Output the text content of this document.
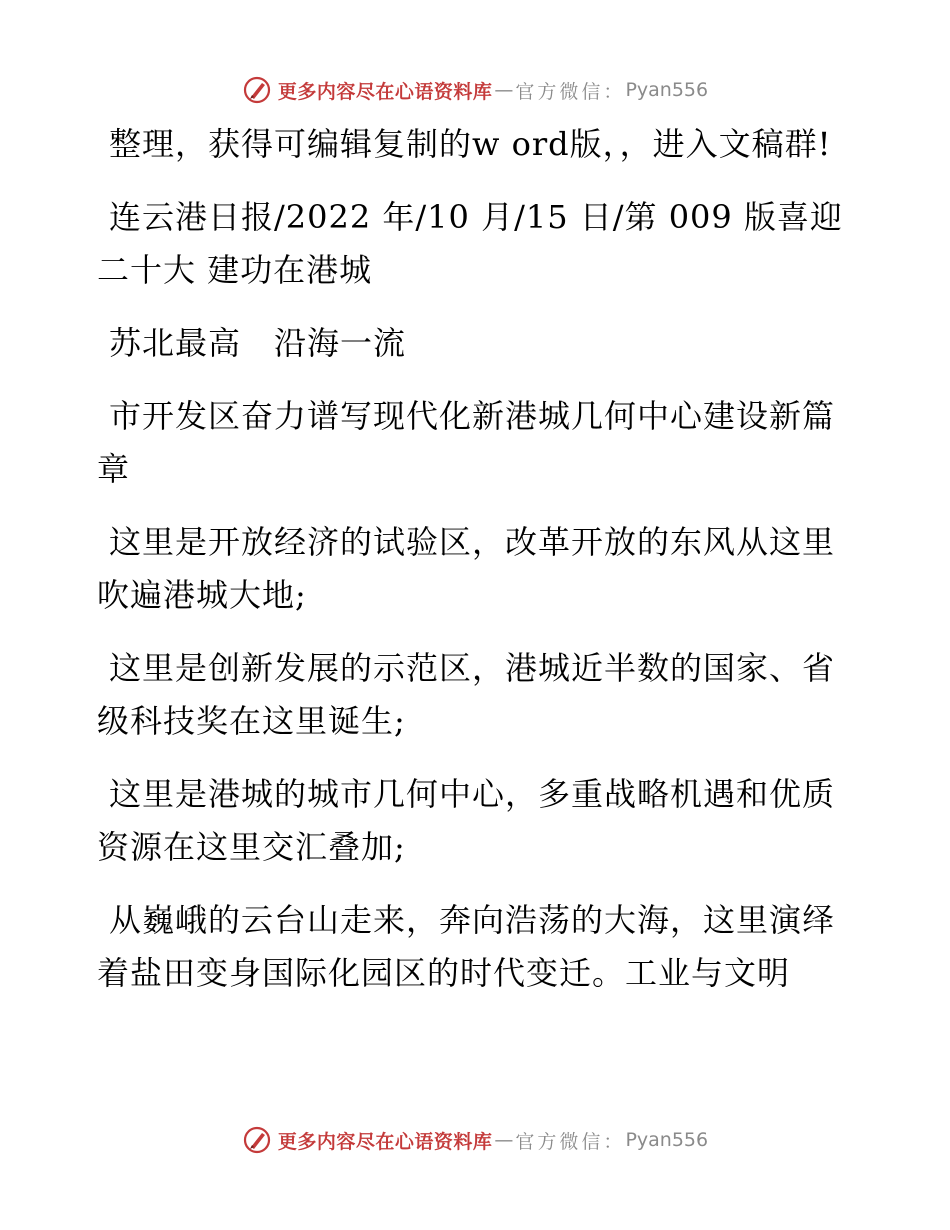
更多内容尽在心语资料库 — 官方微信： Pyan556

整理，获得可编辑复制的w ord版，，进入文稿群!

连云港日报/2022 年/10 月/15 日/第 009 版喜迎二十大 建功在港城

苏北最高　沿海一流

市开发区奋力谱写现代化新港城几何中心建设新篇章

这里是开放经济的试验区，改革开放的东风从这里吹遍港城大地;

这里是创新发展的示范区，港城近半数的国家、省级科技奖在这里诞生;

这里是港城的城市几何中心，多重战略机遇和优质资源在这里交汇叠加;

从巍峨的云台山走来，奔向浩荡的大海，这里演绎着盐田变身国际化园区的时代变迁。工业与文明

更多内容尽在心语资料库 — 官方微信： Pyan556
